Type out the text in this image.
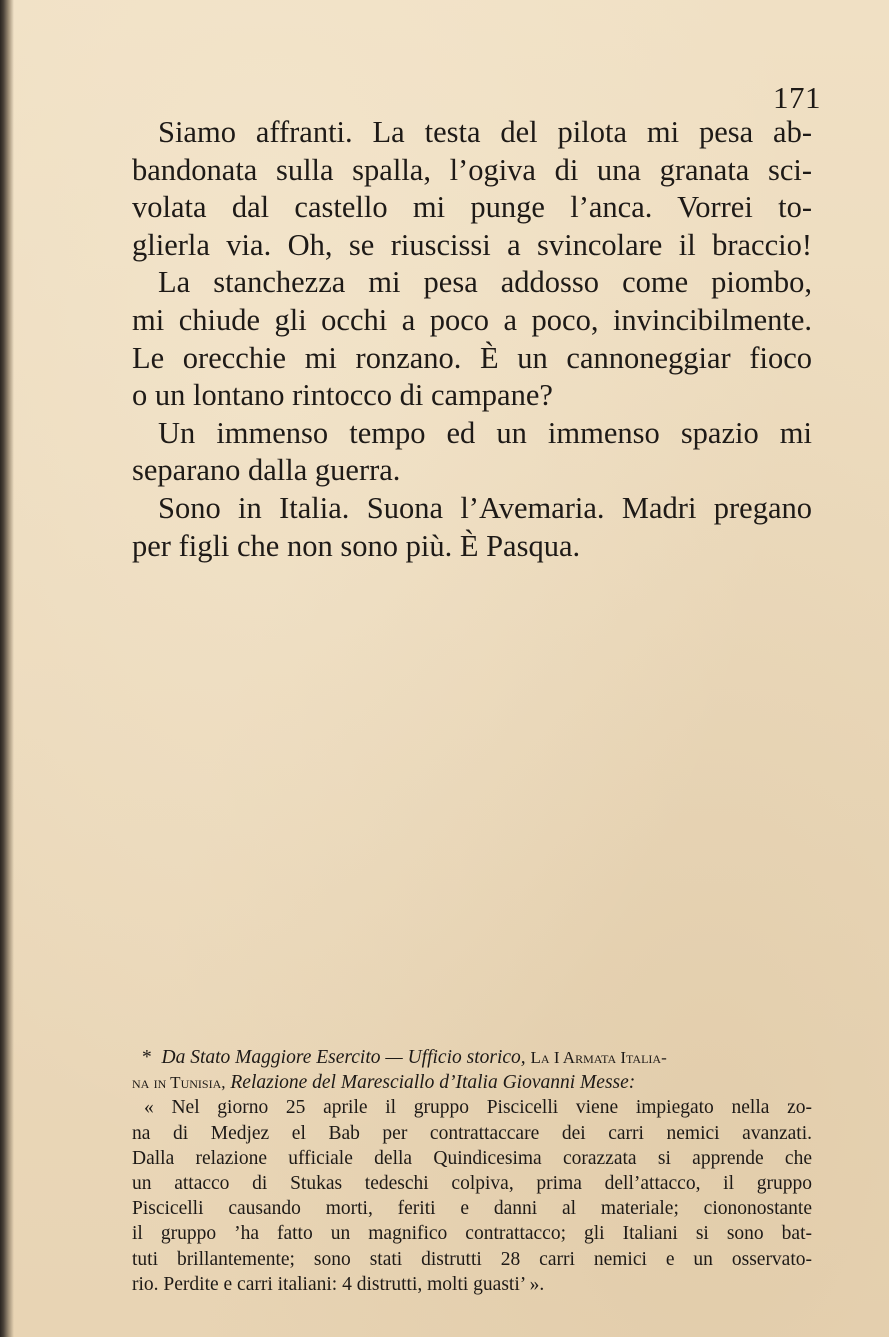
171
Siamo affranti. La testa del pilota mi pesa ab-
bandonata sulla spalla, l’ogiva di una granata sci-
volata dal castello mi punge l’anca. Vorrei to-
glierla via. Oh, se riuscissi a svincolare il braccio!
La stanchezza mi pesa addosso come piombo,
mi chiude gli occhi a poco a poco, invincibilmente.
Le orecchie mi ronzano. È un cannoneggiar fioco
o un lontano rintocco di campane?
Un immenso tempo ed un immenso spazio mi
separano dalla guerra.
Sono in Italia. Suona l’Avemaria. Madri pregano
per figli che non sono più. È Pasqua.
* Da Stato Maggiore Esercito — Ufficio storico, La I Armata Italia-
na in Tunisia, Relazione del Maresciallo d’Italia Giovanni Messe:
« Nel giorno 25 aprile il gruppo Piscicelli viene impiegato nella zo-
na di Medjez el Bab per contrattaccare dei carri nemici avanzati.
Dalla relazione ufficiale della Quindicesima corazzata si apprende che
un attacco di Stukas tedeschi colpiva, prima dell’attacco, il gruppo
Piscicelli causando morti, feriti e danni al materiale; ciononostante
il gruppo ’ha fatto un magnifico contrattacco; gli Italiani si sono bat-
tuti brillantemente; sono stati distrutti 28 carri nemici e un osservato-
rio. Perdite e carri italiani: 4 distrutti, molti guasti’ ».
